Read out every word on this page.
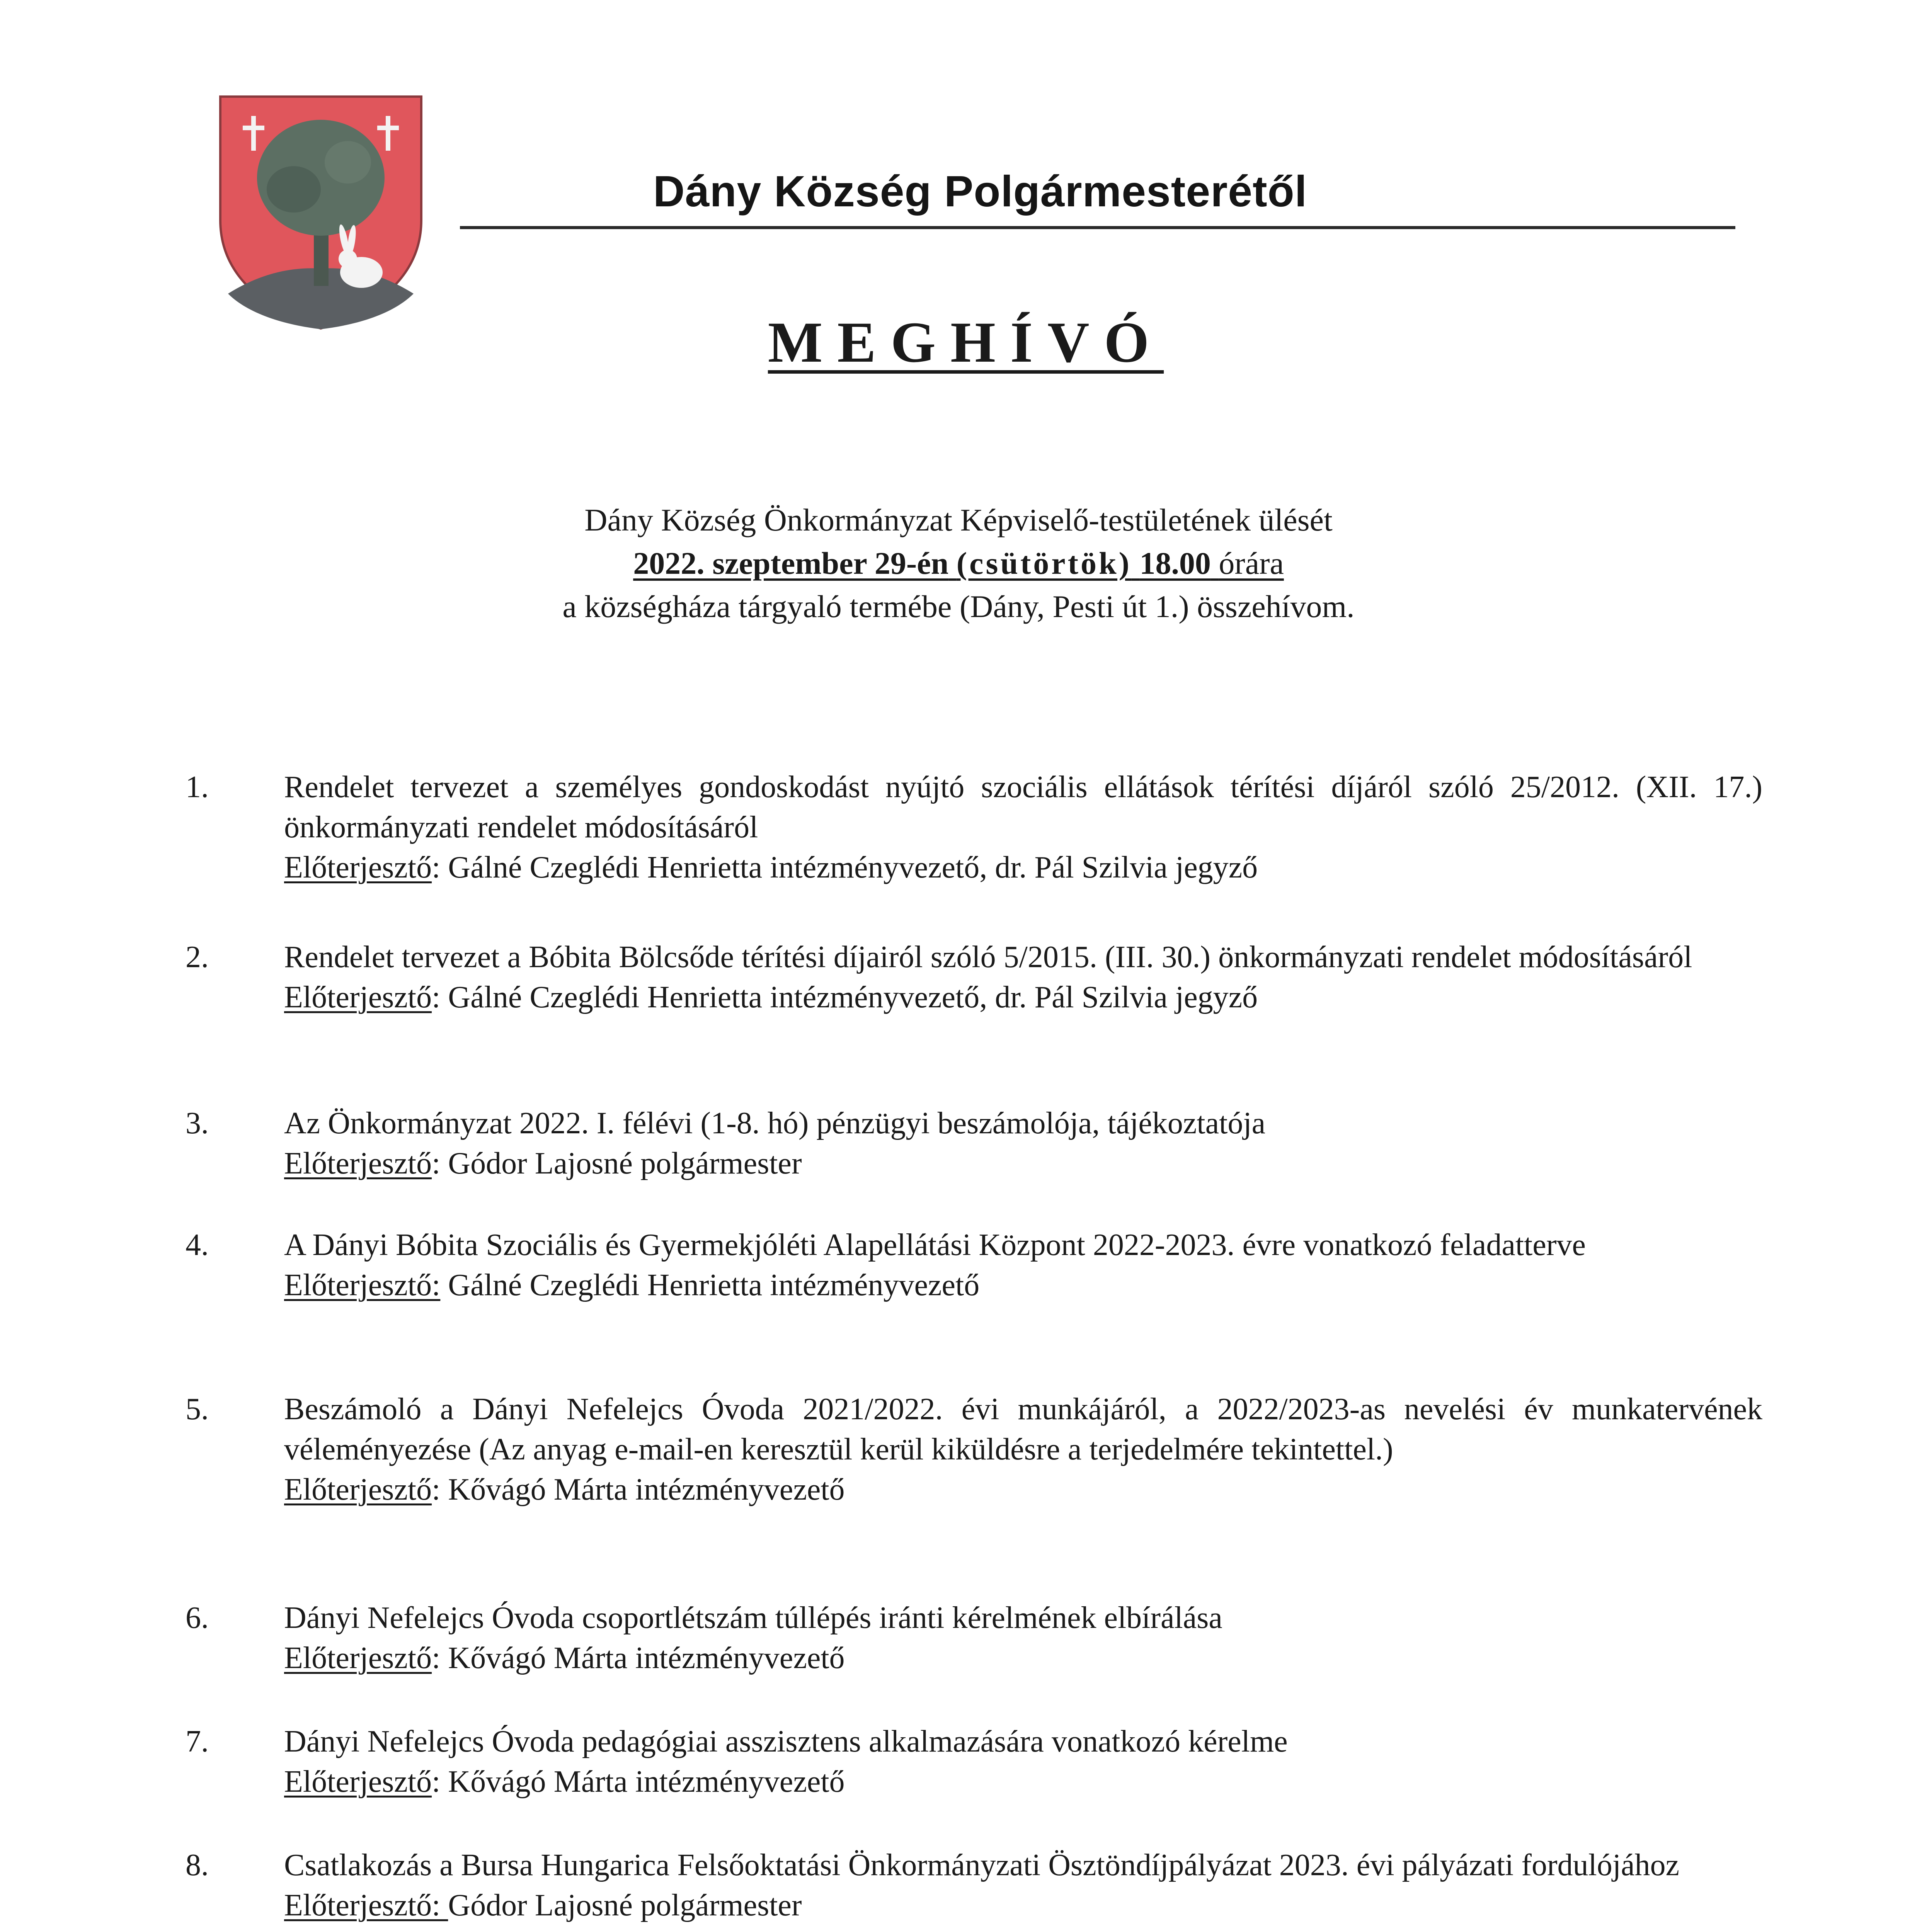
Dány Község Polgármesterétől
MEGHÍVÓ
Dány Község Önkormányzat Képviselő-testületének ülését
2022. szeptember 29-én (csütörtök) 18.00 órára
a községháza tárgyaló termébe (Dány, Pesti út 1.) összehívom.
1.	Rendelet tervezet a személyes gondoskodást nyújtó szociális ellátások térítési díjáról szóló 25/2012. (XII. 17.) önkormányzati rendelet módosításáról
Előterjesztő: Gálné Czeglédi Henrietta intézményvezető, dr. Pál Szilvia jegyző
2.	Rendelet tervezet a Bóbita Bölcsőde térítési díjairól szóló 5/2015. (III. 30.) önkormányzati rendelet módosításáról
Előterjesztő: Gálné Czeglédi Henrietta intézményvezető, dr. Pál Szilvia jegyző
3.	Az Önkormányzat 2022. I. félévi (1-8. hó) pénzügyi beszámolója, tájékoztatója
Előterjesztő: Gódor Lajosné polgármester
4.	A Dányi Bóbita Szociális és Gyermekjóléti Alapellátási Központ 2022-2023. évre vonatkozó feladatterve
Előterjesztő: Gálné Czeglédi Henrietta intézményvezető
5.	Beszámoló a Dányi Nefelejcs Óvoda 2021/2022. évi munkájáról, a 2022/2023-as nevelési év munkatervének véleményezése (Az anyag e-mail-en keresztül kerül kiküldésre a terjedelmére tekintettel.)
Előterjesztő: Kővágó Márta intézményvezető
6.	Dányi Nefelejcs Óvoda csoportlétszám túllépés iránti kérelmének elbírálása
Előterjesztő: Kővágó Márta intézményvezető
7.	Dányi Nefelejcs Óvoda pedagógiai asszisztens alkalmazására vonatkozó kérelme
Előterjesztő: Kővágó Márta intézményvezető
8.	Csatlakozás a Bursa Hungarica Felsőoktatási Önkormányzati Ösztöndíjpályázat 2023. évi pályázati fordulójához
Előterjesztő: Gódor Lajosné polgármester
